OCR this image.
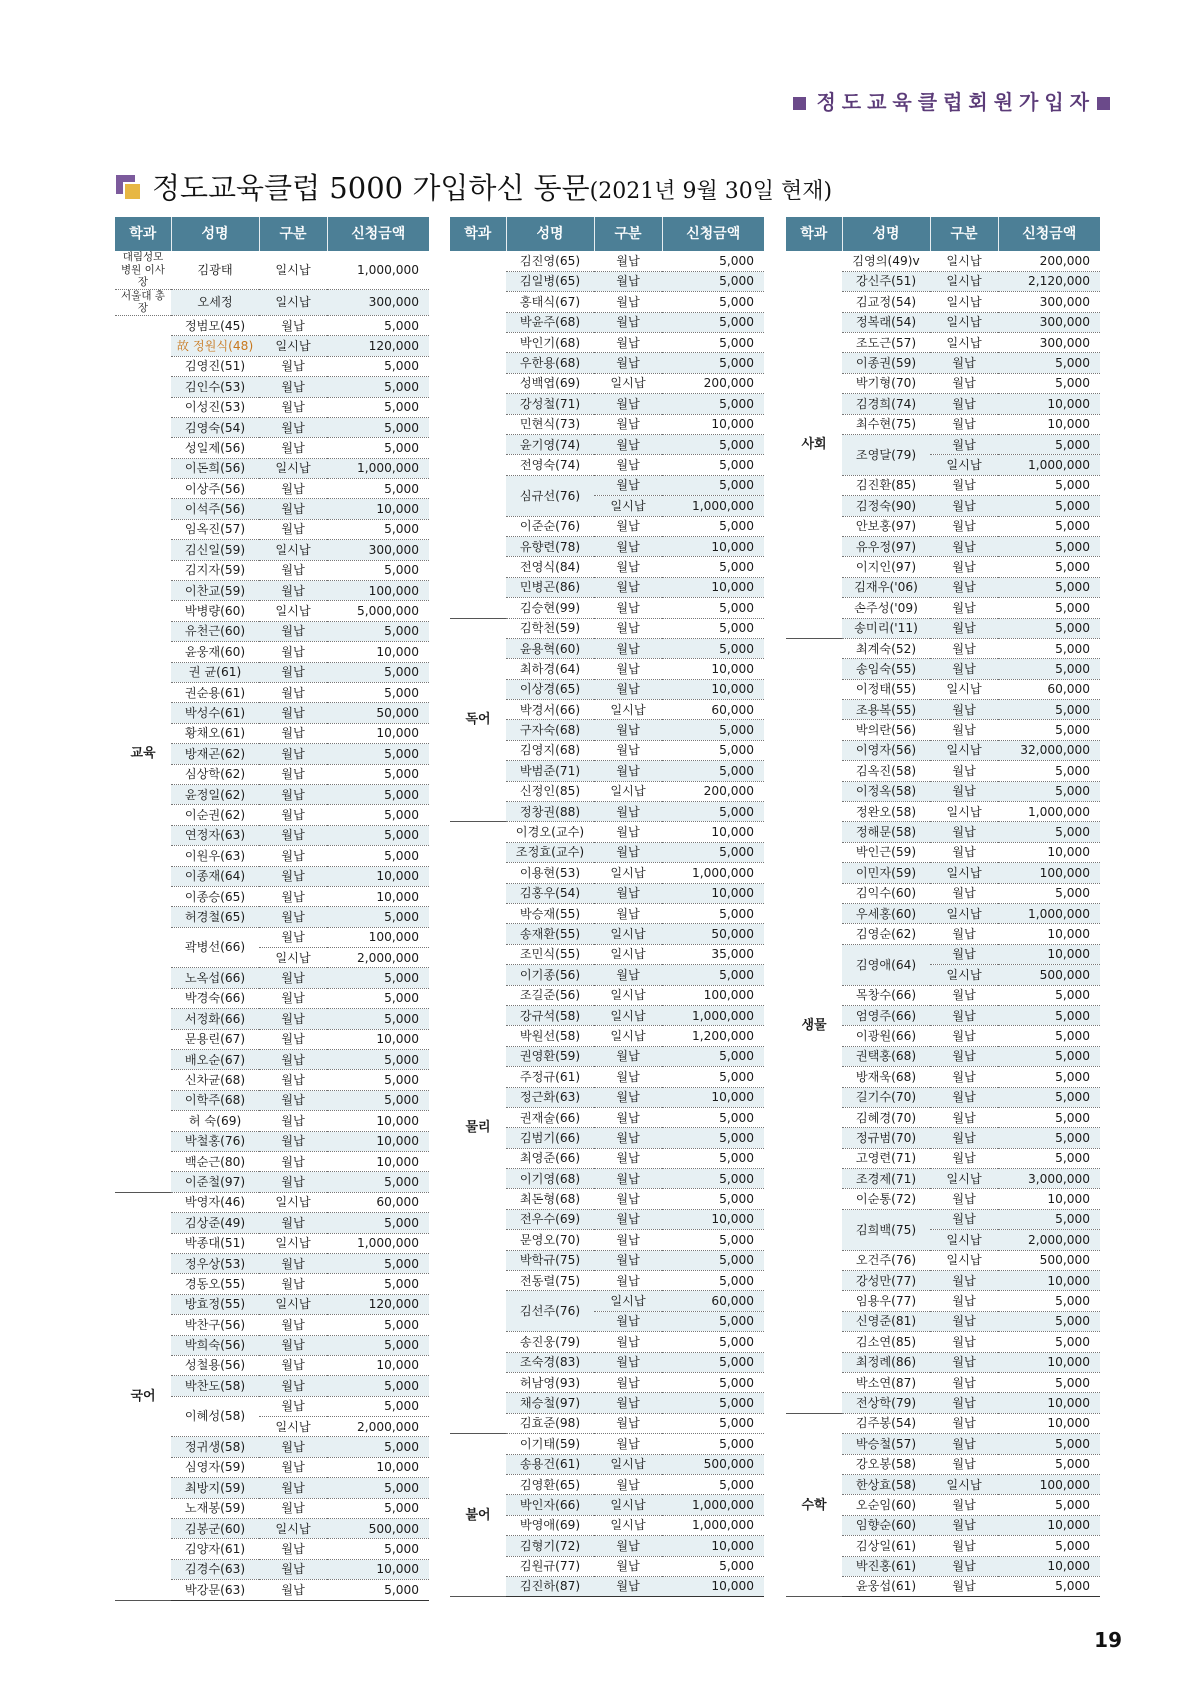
정도교육클럽회원가입자
정도교육클럽 5000 가입하신 동문(2021년 9월 30일 현재)
학과	성명	구분	신청금액
대림성모병원 이사장	김광태	일시납	1,000,000
서울대 총장	오세정	일시납	300,000
교육	정범모(45)	월납	5,000
	故 정원식(48)	일시납	120,000
	김영진(51)	월납	5,000
	김인수(53)	월납	5,000
	이성진(53)	월납	5,000
	김영숙(54)	월납	5,000
	성일제(56)	월납	5,000
	이돈희(56)	일시납	1,000,000
	이상주(56)	월납	5,000
	이석주(56)	월납	10,000
	임옥진(57)	월납	5,000
	김신일(59)	일시납	300,000
	김지자(59)	월납	5,000
	이찬교(59)	월납	100,000
	박병량(60)	일시납	5,000,000
	유천근(60)	월납	5,000
	윤웅재(60)	월납	10,000
	권 균(61)	월납	5,000
	권순용(61)	월납	5,000
	박성수(61)	월납	50,000
	황채오(61)	월납	10,000
	방재곤(62)	월납	5,000
	심상학(62)	월납	5,000
	윤정일(62)	월납	5,000
	이순권(62)	월납	5,000
	연정자(63)	월납	5,000
	이원우(63)	월납	5,000
	이종재(64)	월납	10,000
	이종승(65)	월납	10,000
	허경철(65)	월납	5,000
	곽병선(66)	월납	100,000
		일시납	2,000,000
	노옥섭(66)	월납	5,000
	박경숙(66)	월납	5,000
	서정화(66)	월납	5,000
	문용린(67)	월납	10,000
	배오순(67)	월납	5,000
	신차균(68)	월납	5,000
	이학주(68)	월납	5,000
	허 숙(69)	월납	10,000
	박철홍(76)	월납	10,000
	백순근(80)	월납	10,000
	이준철(97)	월납	5,000
국어	박영자(46)	일시납	60,000
	김상준(49)	월납	5,000
	박종대(51)	일시납	1,000,000
	정우상(53)	월납	5,000
	경동오(55)	월납	5,000
	방효정(55)	일시납	120,000
	박찬구(56)	월납	5,000
	박희숙(56)	월납	5,000
	성철용(56)	월납	10,000
	박찬도(58)	월납	5,000
	이혜성(58)	월납	5,000
		일시납	2,000,000
	정귀생(58)	월납	5,000
	심영자(59)	월납	10,000
	최방지(59)	월납	5,000
	노재봉(59)	월납	5,000
	김봉군(60)	일시납	500,000
	김양자(61)	월납	5,000
	김경수(63)	월납	10,000
	박강문(63)	월납	5,000
학과	성명	구분	신청금액
	김진영(65)	월납	5,000
	김일병(65)	월납	5,000
	홍태식(67)	월납	5,000
	박윤주(68)	월납	5,000
	박인기(68)	월납	5,000
	우한용(68)	월납	5,000
	성백엽(69)	일시납	200,000
	강성철(71)	월납	5,000
	민현식(73)	월납	10,000
	윤기영(74)	월납	5,000
	전영숙(74)	월납	5,000
	심규선(76)	월납	5,000
		일시납	1,000,000
	이준순(76)	월납	5,000
	유향련(78)	월납	10,000
	전영식(84)	월납	5,000
	민병곤(86)	월납	10,000
	김승현(99)	월납	5,000
독어	김학천(59)	월납	5,000
	윤용혁(60)	월납	5,000
	최하경(64)	월납	10,000
	이상경(65)	월납	10,000
	박경서(66)	일시납	60,000
	구자숙(68)	월납	5,000
	김영지(68)	월납	5,000
	박범준(71)	월납	5,000
	신정인(85)	일시납	200,000
	정창권(88)	월납	5,000
물리	이경오(교수)	월납	10,000
	조정효(교수)	월납	5,000
	이용현(53)	일시납	1,000,000
	김홍우(54)	월납	10,000
	박승재(55)	월납	5,000
	송재환(55)	일시납	50,000
	조민식(55)	일시납	35,000
	이기종(56)	월납	5,000
	조길준(56)	일시납	100,000
	강규석(58)	일시납	1,000,000
	박원선(58)	일시납	1,200,000
	권영환(59)	월납	5,000
	주정규(61)	월납	5,000
	정근화(63)	월납	10,000
	권재술(66)	월납	5,000
	김범기(66)	월납	5,000
	최영준(66)	월납	5,000
	이기영(68)	월납	5,000
	최돈형(68)	월납	5,000
	전우수(69)	월납	10,000
	문영오(70)	월납	5,000
	박학규(75)	월납	5,000
	전동렬(75)	월납	5,000
	김선주(76)	일시납	60,000
		월납	5,000
	송진웅(79)	월납	5,000
	조숙경(83)	월납	5,000
	허남영(93)	월납	5,000
	채승철(97)	월납	5,000
	김효준(98)	월납	5,000
불어	이기태(59)	월납	5,000
	송용건(61)	일시납	500,000
	김영환(65)	월납	5,000
	박인자(66)	일시납	1,000,000
	박영애(69)	일시납	1,000,000
	김형기(72)	월납	10,000
	김원규(77)	월납	5,000
	김진하(87)	월납	10,000
학과	성명	구분	신청금액
사회	김영의(49)v	일시납	200,000
	강신주(51)	일시납	2,120,000
	김교정(54)	일시납	300,000
	정복래(54)	일시납	300,000
	조도근(57)	일시납	300,000
	이종권(59)	월납	5,000
	박기형(70)	월납	5,000
	김경희(74)	월납	10,000
	최수현(75)	월납	10,000
	조영달(79)	월납	5,000
		일시납	1,000,000
	김진환(85)	월납	5,000
	김정숙(90)	월납	5,000
	안보홍(97)	월납	5,000
	유우정(97)	월납	5,000
	이지인(97)	월납	5,000
	김재우('06)	월납	5,000
	손주성('09)	월납	5,000
	송미리('11)	월납	5,000
생물	최계숙(52)	월납	5,000
	송임숙(55)	월납	5,000
	이정태(55)	일시납	60,000
	조용복(55)	월납	5,000
	박의란(56)	월납	5,000
	이영자(56)	일시납	32,000,000
	김옥진(58)	월납	5,000
	이정옥(58)	월납	5,000
	정완오(58)	일시납	1,000,000
	정해문(58)	월납	5,000
	박인근(59)	월납	10,000
	이민자(59)	일시납	100,000
	김익수(60)	월납	5,000
	우세홍(60)	일시납	1,000,000
	김영순(62)	월납	10,000
	김영애(64)	월납	10,000
		일시납	500,000
	목창수(66)	월납	5,000
	엄영주(66)	월납	5,000
	이광원(66)	월납	5,000
	권택홍(68)	월납	5,000
	방재욱(68)	월납	5,000
	길기수(70)	월납	5,000
	김혜경(70)	월납	5,000
	정규범(70)	월납	5,000
	고영련(71)	월납	5,000
	조경제(71)	일시납	3,000,000
	이순통(72)	월납	10,000
	김희백(75)	월납	5,000
		일시납	2,000,000
	오건주(76)	일시납	500,000
	강성만(77)	월납	10,000
	임용우(77)	월납	5,000
	신영준(81)	월납	5,000
	김소연(85)	월납	5,000
	최정례(86)	월납	10,000
	박소연(87)	월납	5,000
	전상학(79)	월납	10,000
수학	김주봉(54)	월납	10,000
	박승철(57)	월납	5,000
	강오봉(58)	월납	5,000
	한상효(58)	일시납	100,000
	오순임(60)	월납	5,000
	임향순(60)	월납	10,000
	김상일(61)	월납	5,000
	박진홍(61)	월납	10,000
	윤웅섭(61)	월납	5,000
19
